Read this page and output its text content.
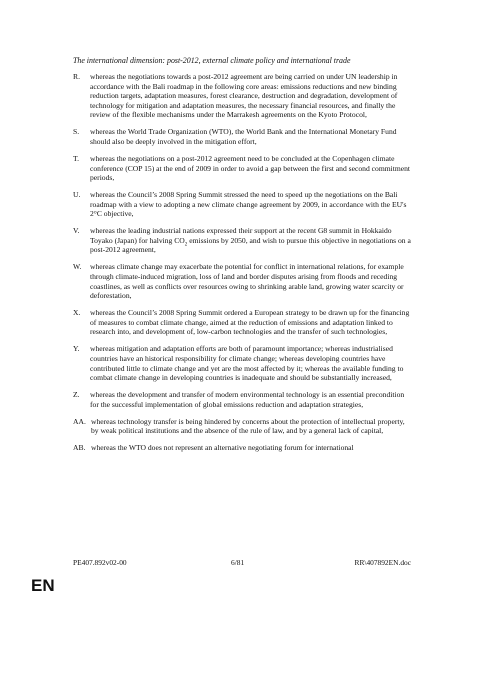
The international dimension: post-2012, external climate policy and international trade
R. whereas the negotiations towards a post-2012 agreement are being carried on under UN leadership in accordance with the Bali roadmap in the following core areas: emissions reductions and new binding reduction targets, adaptation measures, forest clearance, destruction and degradation, development of technology for mitigation and adaptation measures, the necessary financial resources, and finally the review of the flexible mechanisms under the Marrakesh agreements on the Kyoto Protocol,
S. whereas the World Trade Organization (WTO), the World Bank and the International Monetary Fund should also be deeply involved in the mitigation effort,
T. whereas the negotiations on a post-2012 agreement need to be concluded at the Copenhagen climate conference (COP 15) at the end of 2009 in order to avoid a gap between the first and second commitment periods,
U. whereas the Council’s 2008 Spring Summit stressed the need to speed up the negotiations on the Bali roadmap with a view to adopting a new climate change agreement by 2009, in accordance with the EU's 2°C objective,
V. whereas the leading industrial nations expressed their support at the recent G8 summit in Hokkaido Toyako (Japan) for halving $CO_2$ emissions by 2050, and wish to pursue this objective in negotiations on a post-2012 agreement,
W. whereas climate change may exacerbate the potential for conflict in international relations, for example through climate-induced migration, loss of land and border disputes arising from floods and receding coastlines, as well as conflicts over resources owing to shrinking arable land, growing water scarcity or deforestation,
X. whereas the Council’s 2008 Spring Summit ordered a European strategy to be drawn up for the financing of measures to combat climate change, aimed at the reduction of emissions and adaptation linked to research into, and development of, low-carbon technologies and the transfer of such technologies,
Y. whereas mitigation and adaptation efforts are both of paramount importance; whereas industrialised countries have an historical responsibility for climate change; whereas developing countries have contributed little to climate change and yet are the most affected by it; whereas the available funding to combat climate change in developing countries is inadequate and should be substantially increased,
Z. whereas the development and transfer of modern environmental technology is an essential precondition for the successful implementation of global emissions reduction and adaptation strategies,
AA. whereas technology transfer is being hindered by concerns about the protection of intellectual property, by weak political institutions and the absence of the rule of law, and by a general lack of capital,
AB. whereas the WTO does not represent an alternative negotiating forum for international
PE407.892v02-00	6/81	RR\407892EN.doc
EN
